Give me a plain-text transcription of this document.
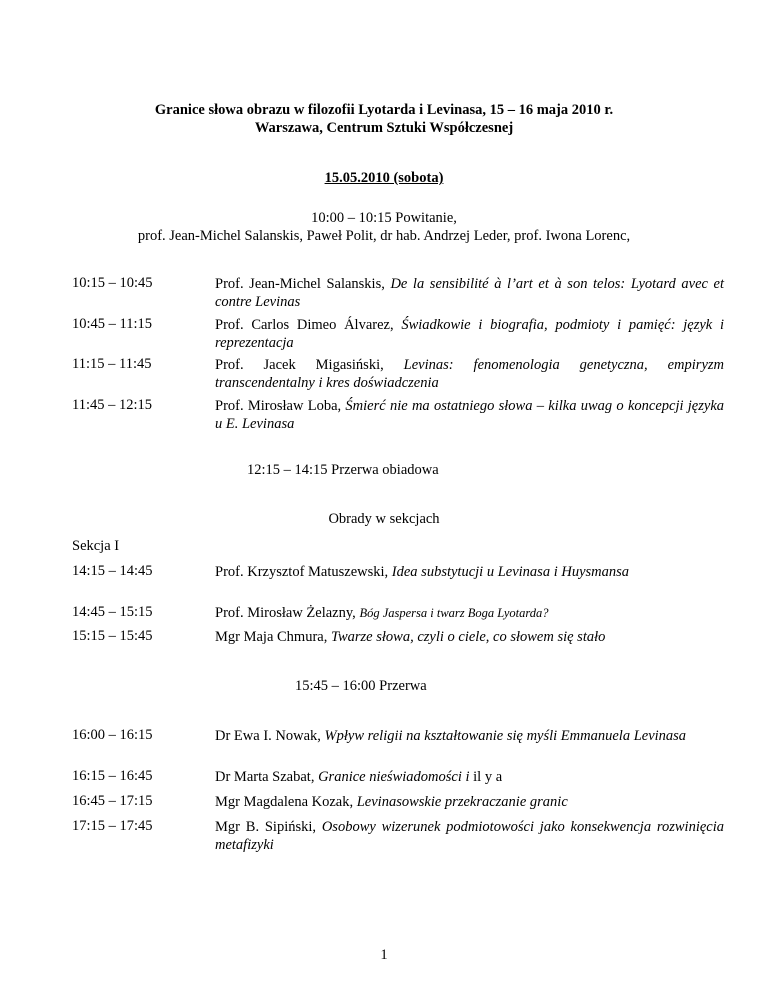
Granice słowa obrazu w filozofii Lyotarda i Levinasa, 15 – 16 maja 2010 r.
Warszawa, Centrum Sztuki Współczesnej
15.05.2010 (sobota)
10:00 – 10:15 Powitanie,
prof. Jean-Michel Salanskis, Paweł Polit, dr hab. Andrzej Leder, prof. Iwona Lorenc,
10:15 – 10:45	Prof. Jean-Michel Salanskis, De la sensibilité à l’art et à son telos: Lyotard avec et contre Levinas
10:45 – 11:15	Prof. Carlos Dimeo Álvarez, Świadkowie i biografia, podmioty i pamięć: język i reprezentacja
11:15 – 11:45	Prof. Jacek Migasiński, Levinas: fenomenologia genetyczna, empiryzm transcendentalny i kres doświadczenia
11:45 – 12:15	Prof. Mirosław Loba, Śmierć nie ma ostatniego słowa – kilka uwag o koncepcji języka u E. Levinasa
12:15 – 14:15 Przerwa obiadowa
Obrady w sekcjach
Sekcja I
14:15 – 14:45	Prof. Krzysztof Matuszewski, Idea substytucji u Levinasa i Huysmansa
14:45 – 15:15	Prof. Mirosław Żelazny, Bóg Jaspersa i twarz Boga Lyotarda?
15:15 – 15:45	Mgr Maja Chmura, Twarze słowa, czyli o ciele, co słowem się stało
15:45 – 16:00 Przerwa
16:00 – 16:15	Dr Ewa I. Nowak, Wpływ religii na kształtowanie się myśli Emmanuela Levinasa
16:15 – 16:45	Dr Marta Szabat, Granice nieświadomości i il y a
16:45 – 17:15	Mgr Magdalena Kozak, Levinasowskie przekraczanie granic
17:15 – 17:45	Mgr B. Sipiński, Osobowy wizerunek podmiotowości jako konsekwencja rozwinięcia metafizyki
1
